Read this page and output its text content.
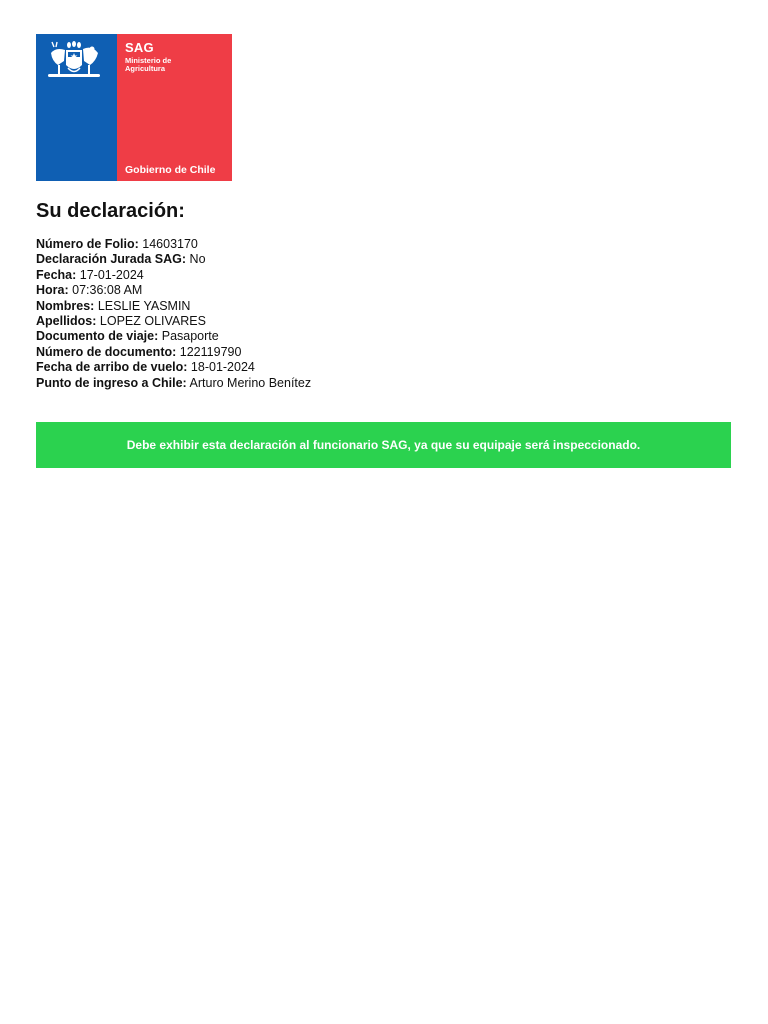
SAG
Ministerio de Agricultura
Gobierno de Chile
Su declaración:
Número de Folio: 14603170
Declaración Jurada SAG: No
Fecha: 17-01-2024
Hora: 07:36:08 AM
Nombres: LESLIE YASMIN
Apellidos: LOPEZ OLIVARES
Documento de viaje: Pasaporte
Número de documento: 122119790
Fecha de arribo de vuelo: 18-01-2024
Punto de ingreso a Chile: Arturo Merino Benítez
Debe exhibir esta declaración al funcionario SAG, ya que su equipaje será inspeccionado.
